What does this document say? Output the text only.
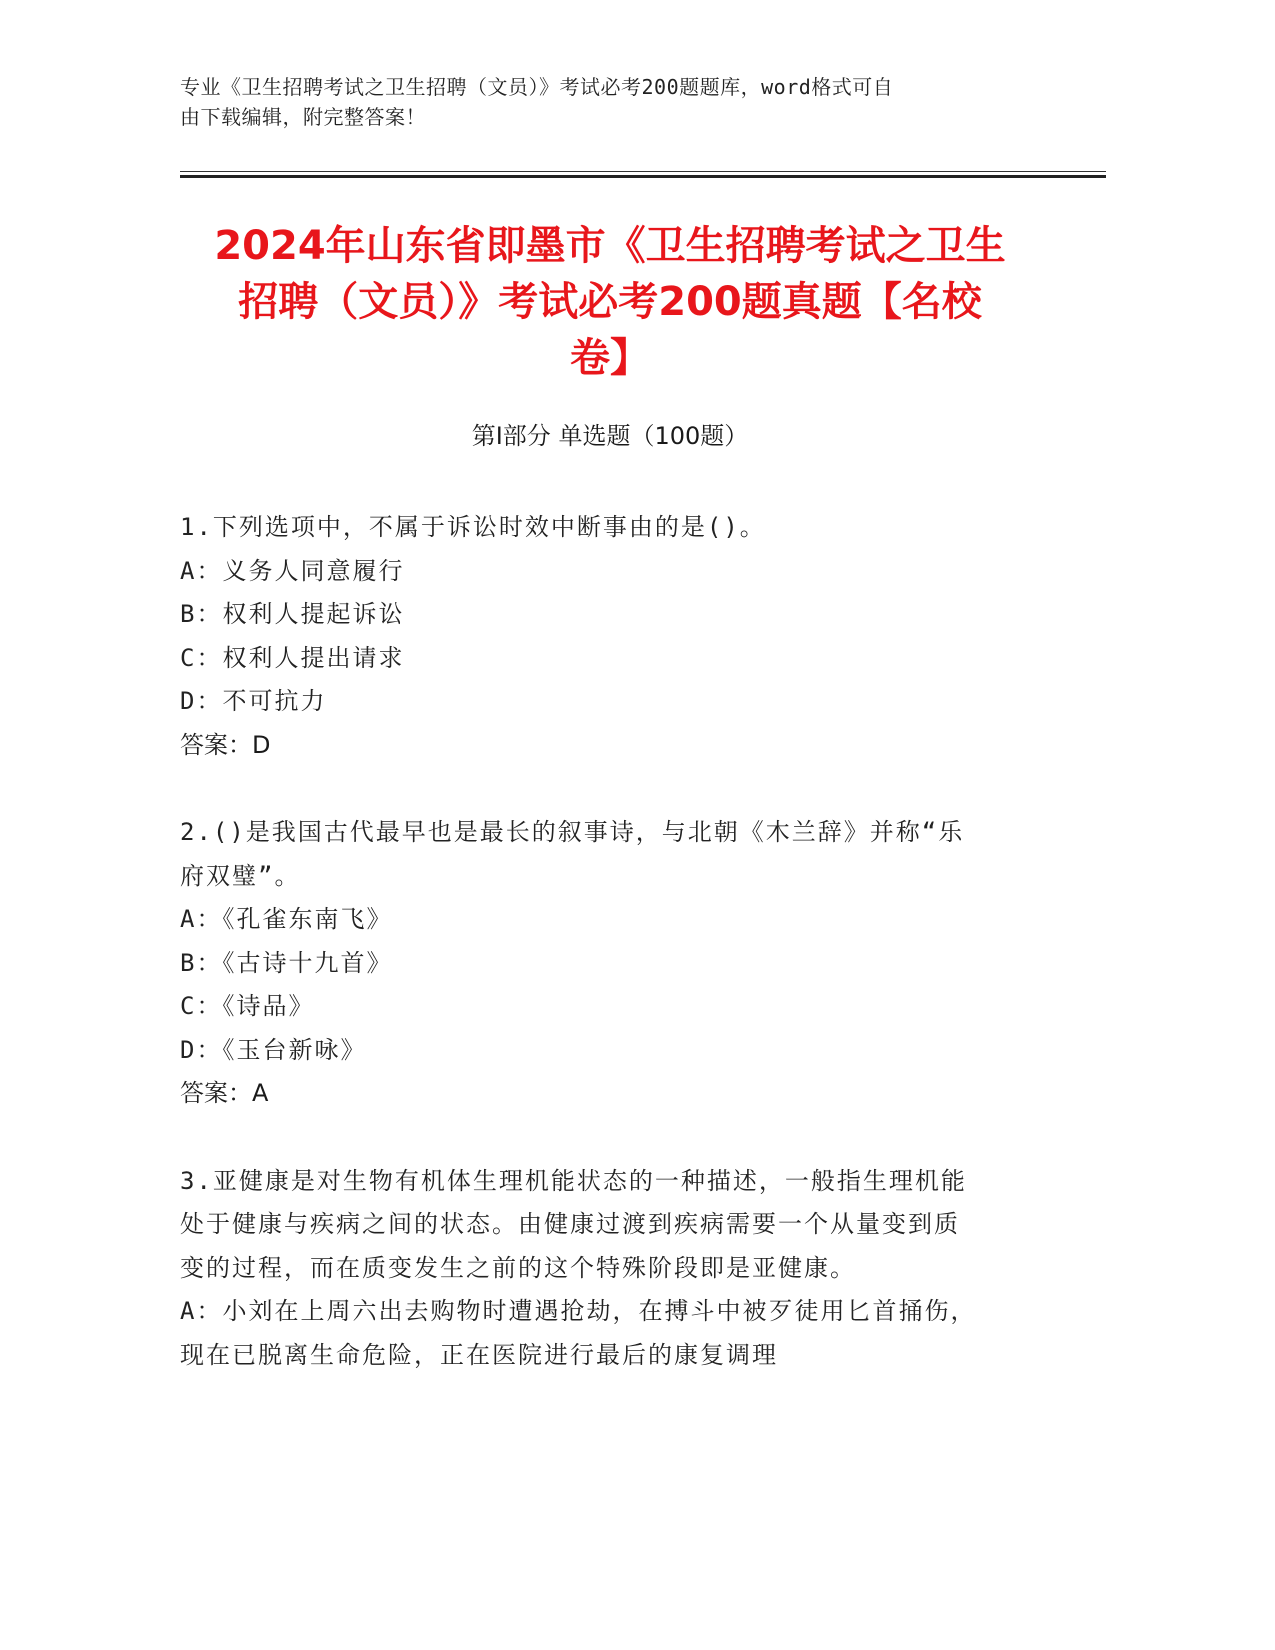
专业《卫生招聘考试之卫生招聘（文员）》考试必考200题题库，word格式可自
由下载编辑，附完整答案！
2024年山东省即墨市《卫生招聘考试之卫生
招聘（文员）》考试必考200题真题【名校
卷】
第Ⅰ部分 单选题（100题）
1.下列选项中，不属于诉讼时效中断事由的是()。
A：义务人同意履行
B：权利人提起诉讼
C：权利人提出请求
D：不可抗力
答案：D
2.()是我国古代最早也是最长的叙事诗，与北朝《木兰辞》并称“乐
府双璧”。
A：《孔雀东南飞》
B：《古诗十九首》
C：《诗品》
D：《玉台新咏》
答案：A
3.亚健康是对生物有机体生理机能状态的一种描述，一般指生理机能
处于健康与疾病之间的状态。由健康过渡到疾病需要一个从量变到质
变的过程，而在质变发生之前的这个特殊阶段即是亚健康。
A：小刘在上周六出去购物时遭遇抢劫，在搏斗中被歹徒用匕首捅伤，
现在已脱离生命危险，正在医院进行最后的康复调理
